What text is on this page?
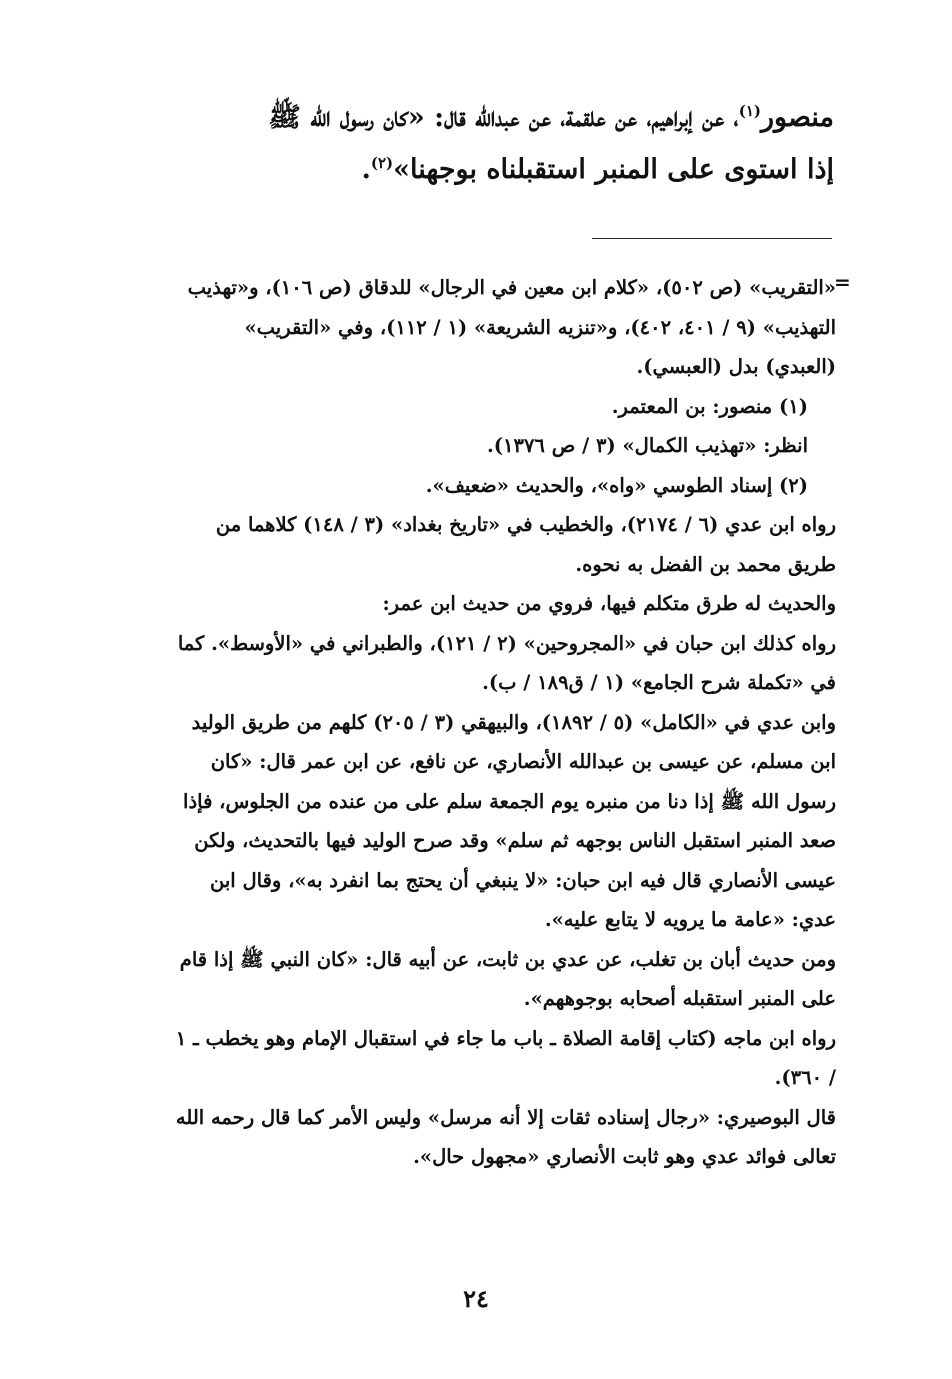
منصور$^{(١)}$، عن إبراهيم، عن علقمة، عن عبدالله قال: «كان رسول الله ﷺ
إذا استوى على المنبر استقبلناه بوجهنا»$^{(٢)}$.

=
«التقريب» (ص ٥٠٢)، «كلام ابن معين في الرجال» للدقاق (ص ١٠٦)، و«تهذيب
التهذيب» (٩ / ٤٠١، ٤٠٢)، و«تنزيه الشريعة» (١ / ١١٢)، وفي «التقريب»
(العبدي) بدل (العبسي).
(١) منصور: بن المعتمر.
انظر: «تهذيب الكمال» (٣ / ص ١٣٧٦).
(٢) إسناد الطوسي «واه»، والحديث «ضعيف».
رواه ابن عدي (٦ / ٢١٧٤)، والخطيب في «تاريخ بغداد» (٣ / ١٤٨) كلاهما من
طريق محمد بن الفضل به نحوه.
والحديث له طرق متكلم فيها، فروي من حديث ابن عمر:
رواه كذلك ابن حبان في «المجروحين» (٢ / ١٢١)، والطبراني في «الأوسط». كما
في «تكملة شرح الجامع» (١ / ق١٨٩ / ب).
وابن عدي في «الكامل» (٥ / ١٨٩٢)، والبيهقي (٣ / ٢٠٥) كلهم من طريق الوليد
ابن مسلم، عن عيسى بن عبدالله الأنصاري، عن نافع، عن ابن عمر قال: «كان
رسول الله ﷺ إذا دنا من منبره يوم الجمعة سلم على من عنده من الجلوس، فإذا
صعد المنبر استقبل الناس بوجهه ثم سلم» وقد صرح الوليد فيها بالتحديث، ولكن
عيسى الأنصاري قال فيه ابن حبان: «لا ينبغي أن يحتج بما انفرد به»، وقال ابن
عدي: «عامة ما يرويه لا يتابع عليه».
ومن حديث أبان بن تغلب، عن عدي بن ثابت، عن أبيه قال: «كان النبي ﷺ إذا قام
على المنبر استقبله أصحابه بوجوههم».
رواه ابن ماجه (كتاب إقامة الصلاة ـ باب ما جاء في استقبال الإمام وهو يخطب ـ ١
/ ٣٦٠).
قال البوصيري: «رجال إسناده ثقات إلا أنه مرسل» وليس الأمر كما قال رحمه الله
تعالى فوائد عدي وهو ثابت الأنصاري «مجهول حال».
٢٤
